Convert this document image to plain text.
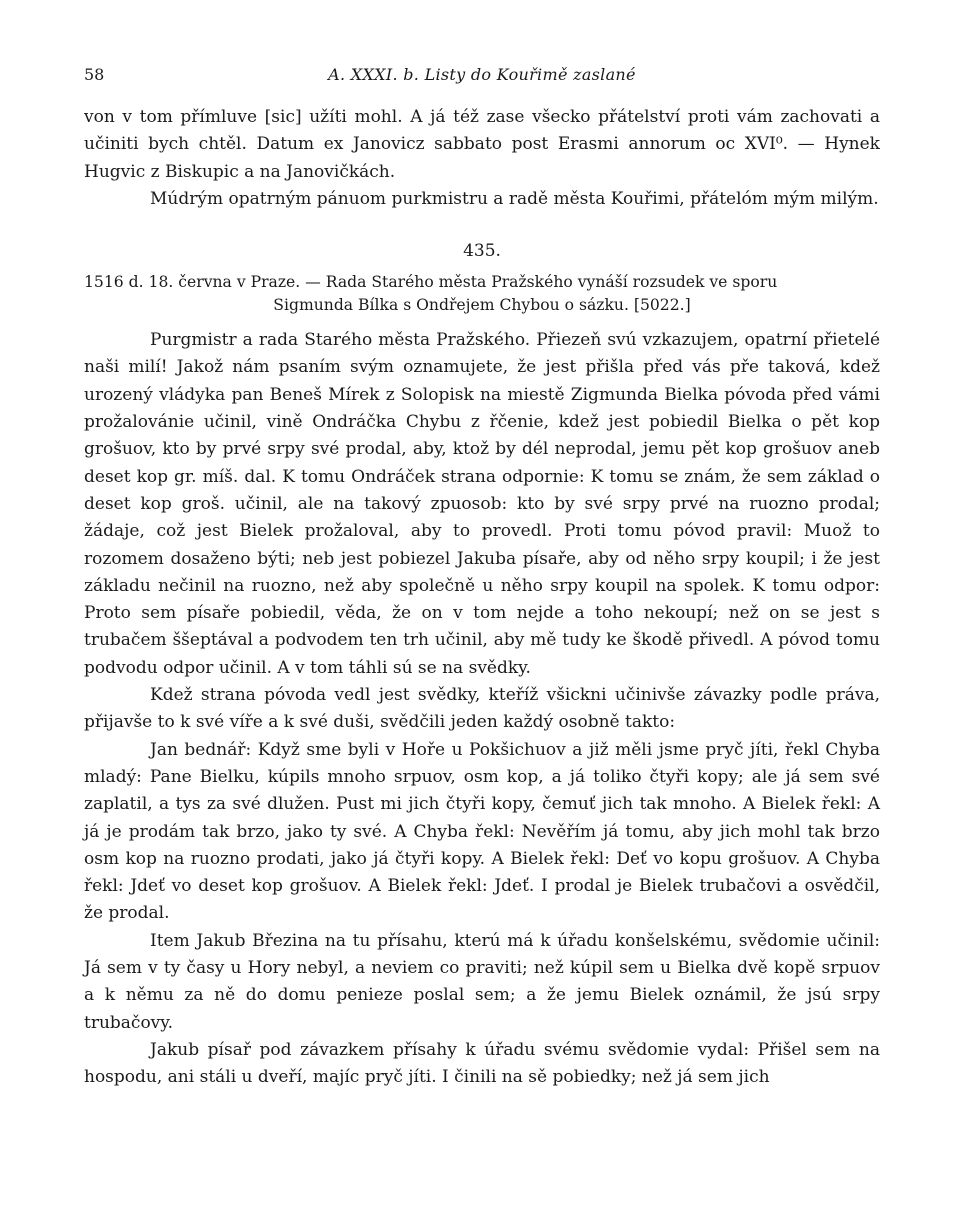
58	A. XXXI. b. Listy do Kouřimě zaslané

von v tom přímluve [sic] užíti mohl. A já též zase všecko přátelství proti vám zachovati a učiniti bych chtěl. Datum ex Janovicz sabbato post Erasmi annorum oc XVI⁰. — Hynek Hugvic z Biskupic a na Janovičkách.

Múdrým opatrným pánuom purkmistru a radě města Kouřimi, přátelóm mým milým.

435.
1516 d. 18. června v Praze. — Rada Starého města Pražského vynáší rozsudek ve sporu
Sigmunda Bílka s Ondřejem Chybou o sázku. [5022.]

Purgmistr a rada Starého města Pražského. Přiezeň svú vzkazujem, opatrní přietelé naši milí! Jakož nám psaním svým oznamujete, že jest přišla před vás pře taková, kdež urozený vládyka pan Beneš Mírek z Solopisk na miestě Zigmunda Bielka póvoda před vámi prožalovánie učinil, vině Ondráčka Chybu z řčenie, kdež jest pobiedil Bielka o pět kop grošuov, kto by prvé srpy své prodal, aby, ktož by dél neprodal, jemu pět kop grošuov aneb deset kop gr. míš. dal. K tomu Ondráček strana odpornie: K tomu se znám, že sem základ o deset kop groš. učinil, ale na takový zpuosob: kto by své srpy prvé na ruozno prodal; žádaje, což jest Bielek prožaloval, aby to provedl. Proti tomu póvod pravil: Muož to rozomem dosaženo býti; neb jest pobiezel Jakuba písaře, aby od něho srpy koupil; i že jest základu nečinil na ruozno, než aby společně u něho srpy koupil na spolek. K tomu odpor: Proto sem písaře pobiedil, věda, že on v tom nejde a toho nekoupí; než on se jest s trubačem ššeptával a podvodem ten trh učinil, aby mě tudy ke škodě přivedl. A póvod tomu podvodu odpor učinil. A v tom táhli sú se na svědky.

Kdež strana póvoda vedl jest svědky, kteříž všickni učinivše závazky podle práva, přijavše to k své víře a k své duši, svědčili jeden každý osobně takto:

Jan bednář: Když sme byli v Hoře u Pokšichuov a již měli jsme pryč jíti, řekl Chyba mladý: Pane Bielku, kúpils mnoho srpuov, osm kop, a já toliko čtyři kopy; ale já sem své zaplatil, a tys za své dlužen. Pust mi jich čtyři kopy, čemuť jich tak mnoho. A Bielek řekl: A já je prodám tak brzo, jako ty své. A Chyba řekl: Nevěřím já tomu, aby jich mohl tak brzo osm kop na ruozno prodati, jako já čtyři kopy. A Bielek řekl: Deť vo kopu grošuov. A Chyba řekl: Jdeť vo deset kop grošuov. A Bielek řekl: Jdeť. I prodal je Bielek trubačovi a osvědčil, že prodal.

Item Jakub Březina na tu přísahu, kterú má k úřadu konšelskému, svědomie učinil: Já sem v ty časy u Hory nebyl, a neviem co praviti; než kúpil sem u Bielka dvě kopě srpuov a k němu za ně do domu penieze poslal sem; a že jemu Bielek oznámil, že jsú srpy trubačovy.

Jakub písař pod závazkem přísahy k úřadu svému svědomie vydal: Přišel sem na hospodu, ani stáli u dveří, majíc pryč jíti. I činili na sě pobiedky; než já sem jich
